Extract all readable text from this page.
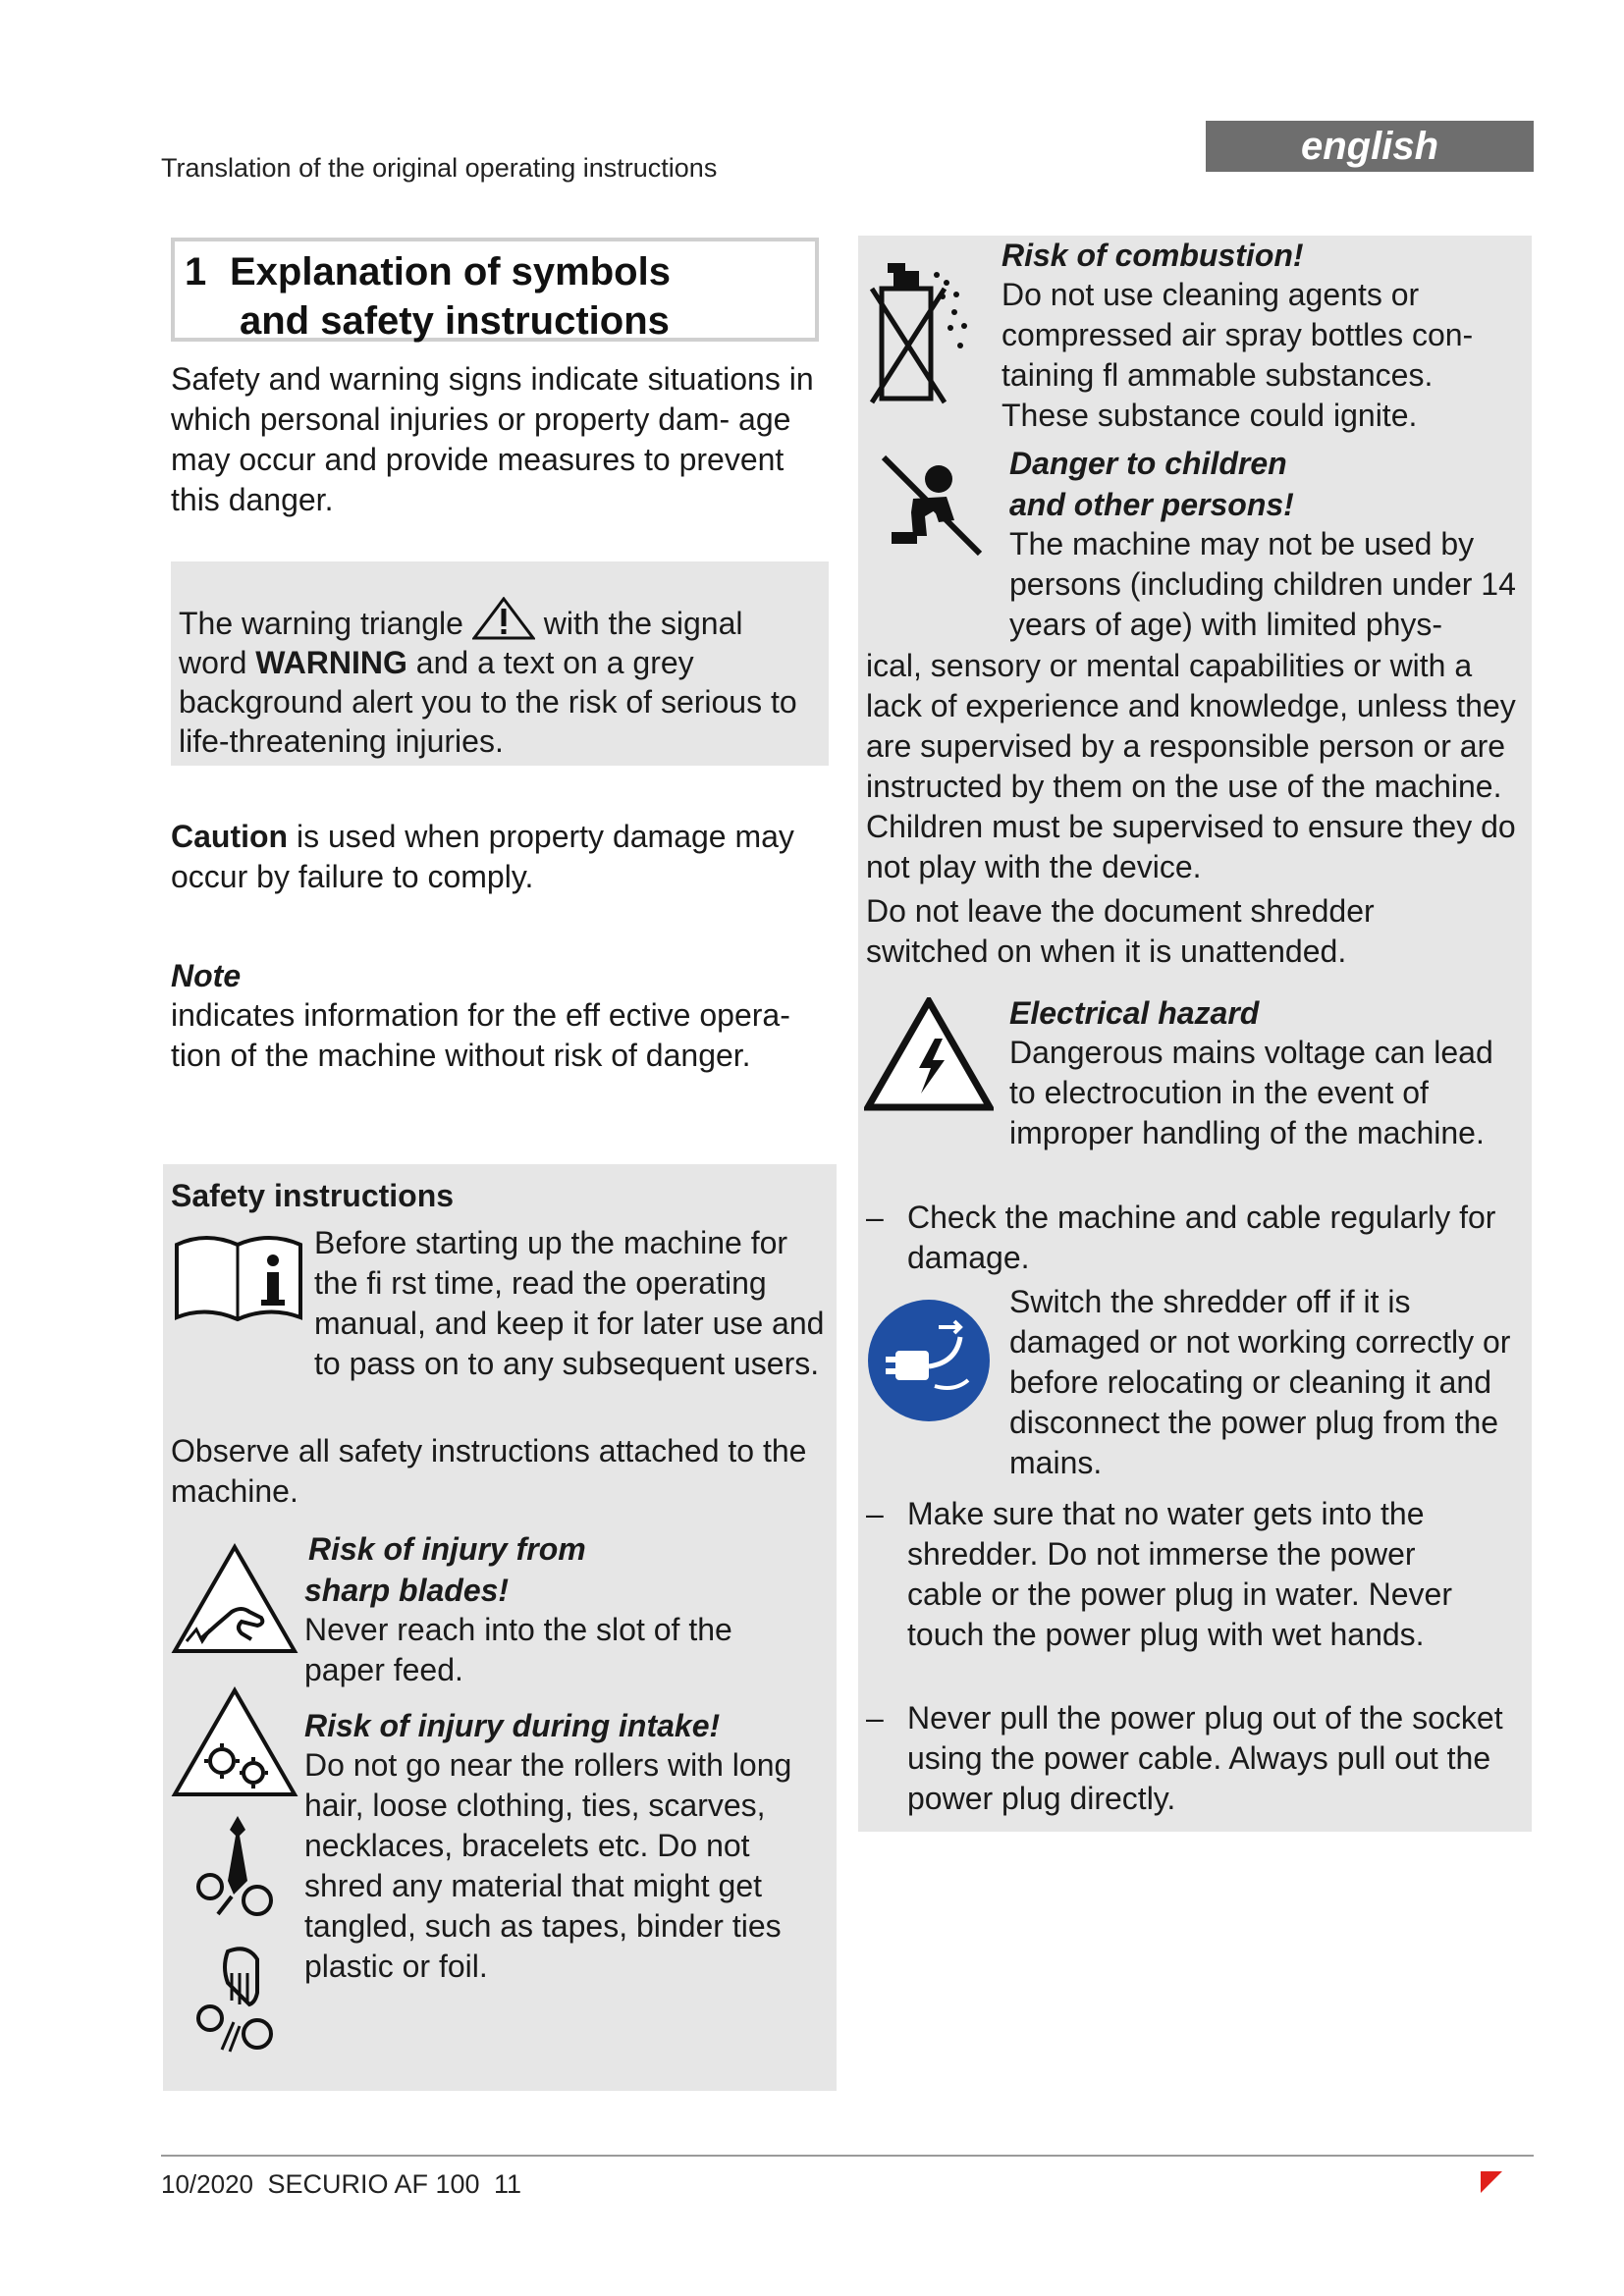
Translation of the original operating instructions	english
1 Explanation of symbols
and safety instructions
Safety and warning signs indicate situations in which personal injuries or property dam- age may occur and provide measures to prevent this danger.
The warning triangle	with the signal
word WARNING and a text on a grey background alert you to the risk of serious to life-threatening injuries.
Caution is used when property damage may occur by failure to comply.
Note
indicates information for the eff ective opera- tion of the machine without risk of danger.
Safety instructions
Before starting up the machine for the fi rst time, read the operating manual, and keep it for later use and to pass on to any subsequent users.
Observe all safety instructions attached to the machine.
Risk of injury from
sharp blades!
Never reach into the slot of the paper feed.
Risk of injury during intake!
Do not go near the rollers with long hair, loose clothing, ties, scarves, necklaces, bracelets etc. Do not shred any material that might get tangled, such as tapes, binder ties plastic or foil.
Risk of combustion!
Do not use cleaning agents or compressed air spray bottles con- taining fl ammable substances. These substance could ignite.
Danger to children
and other persons!
The machine may not be used by persons (including children under 14 years of age) with limited phys-
ical, sensory or mental capabilities or with a lack of experience and knowledge, unless they are supervised by a responsible person or are instructed by them on the use of the machine. Children must be supervised to ensure they do not play with the device.
Do not leave the document shredder switched on when it is unattended.
Electrical hazard
Dangerous mains voltage can lead to electrocution in the event of improper handling of the machine.
– Check the machine and cable regularly for damage.
Switch the shredder off if it is damaged or not working correctly or before relocating or cleaning it and disconnect the power plug from the mains.
– Make sure that no water gets into the shredder. Do not immerse the power cable or the power plug in water. Never touch the power plug with wet hands.
– Never pull the power plug out of the socket using the power cable. Always pull out the power plug directly.
10/2020 SECURIO AF 100 11
